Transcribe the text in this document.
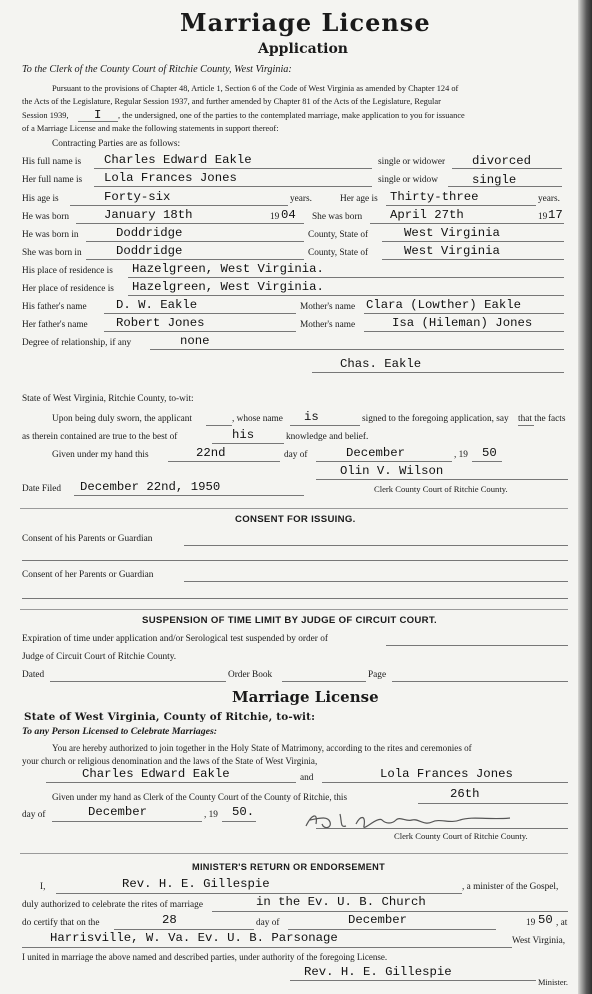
Marriage License
Application
To the Clerk of the County Court of Ritchie County, West Virginia:
Pursuant to the provisions of Chapter 48, Article 1, Section 6 of the Code of West Virginia as amended by Chapter 124 of
the Acts of the Legislature, Regular Session 1937, and further amended by Chapter 81 of the Acts of the Legislature, Regular
Session 1939, I , the undersigned, one of the parties to the contemplated marriage, make application to you for issuance
of a Marriage License and make the following statements in support thereof:
Contracting Parties are as follows:
His full name is Charles Edward Eakle	single or widower divorced
Her full name is Lola Frances Jones	single or widow	single
His age is	Forty-six	years.	Her age is Thirty-three	years.
He was born	January 18th	19 04 She was born April 27th	19 17
He was born in	Doddridge	County, State of	West Virginia
She was born in	Doddridge	County, State of	West Virginia
His place of residence is Hazelgreen, West Virginia.
Her place of residence is Hazelgreen, West Virginia.
His father's name D. W. Eakle	Mother's name Clara (Lowther) Eakle
Her father's name Robert Jones	Mother's name	Isa (Hileman) Jones
Degree of relationship, if any	none
Chas. Eakle
State of West Virginia, Ritchie County, to-wit:
Upon being duly sworn, the applicant	, whose name is	signed to the foregoing application, say that the facts
as therein contained are true to the best of	his	knowledge and belief.
Given under my hand this	22nd	day of	December	, 19 50
Olin V. Wilson
Clerk County Court of Ritchie County.
Date Filed December 22nd, 1950
CONSENT FOR ISSUING.
Consent of his Parents or Guardian
Consent of her Parents or Guardian
SUSPENSION OF TIME LIMIT BY JUDGE OF CIRCUIT COURT.
Expiration of time under application and/or Serological test suspended by order of
Judge of Circuit Court of Ritchie County.
Dated	Order Book	Page
Marriage License
State of West Virginia, County of Ritchie, to-wit:
To any Person Licensed to Celebrate Marriages:
You are hereby authorized to join together in the Holy State of Matrimony, according to the rites and ceremonies of
your church or religious denomination and the laws of the State of West Virginia,
Charles Edward Eakle	and	Lola Frances Jones
Given under my hand as Clerk of the County Court of the County of Ritchie, this	26th
day of	December	, 19 50.
Clerk County Court of Ritchie County.
MINISTER'S RETURN OR ENDORSEMENT
I,	Rev. H. E. Gillespie	, a minister of the Gospel,
duly authorized to celebrate the rites of marriage	in the Ev. U. B. Church
do certify that on the	28	day of	December	19 50 , at
Harrisville, W. Va. Ev. U. B. Parsonage	West Virginia,
I united in marriage the above named and described parties, under authority of the foregoing License.
Rev. H. E. Gillespie
Minister.
